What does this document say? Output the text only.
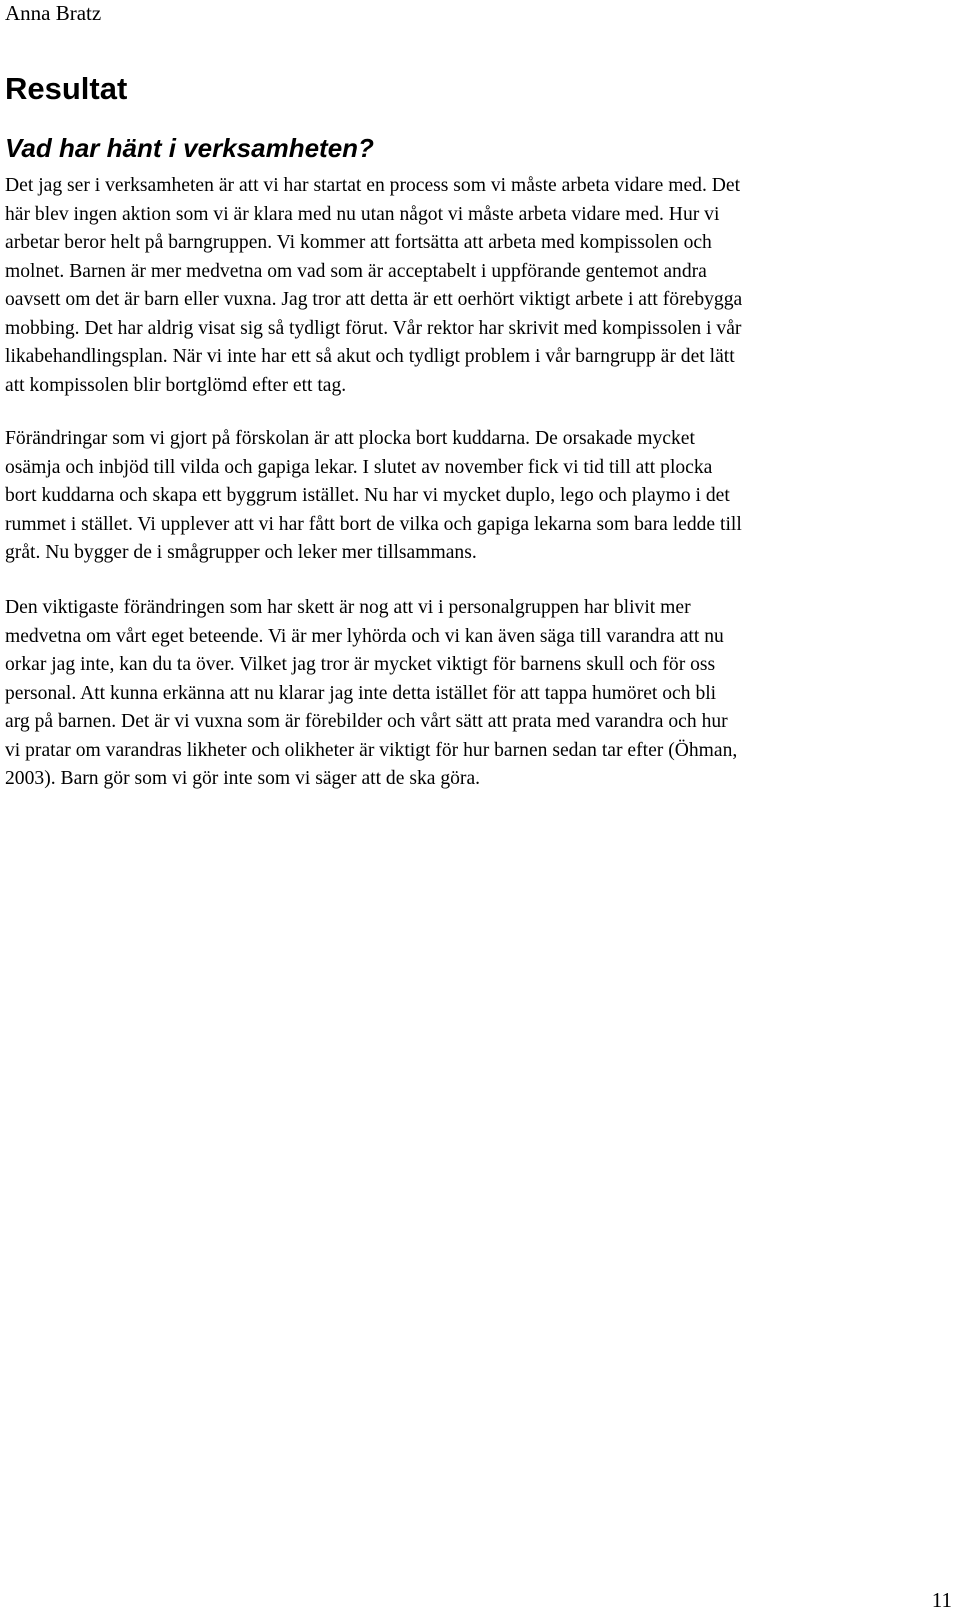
Anna Bratz
Resultat
Vad har hänt i verksamheten?

Det jag ser i verksamheten är att vi har startat en process som vi måste arbeta vidare med. Det
här blev ingen aktion som vi är klara med nu utan något vi måste arbeta vidare med. Hur vi
arbetar beror helt på barngruppen. Vi kommer att fortsätta att arbeta med kompissolen och
molnet. Barnen är mer medvetna om vad som är acceptabelt i uppförande gentemot andra
oavsett om det är barn eller vuxna. Jag tror att detta är ett oerhört viktigt arbete i att förebygga
mobbing. Det har aldrig visat sig så tydligt förut. Vår rektor har skrivit med kompissolen i vår
likabehandlingsplan. När vi inte har ett så akut och tydligt problem i vår barngrupp är det lätt
att kompissolen blir bortglömd efter ett tag.

Förändringar som vi gjort på förskolan är att plocka bort kuddarna. De orsakade mycket
osämja och inbjöd till vilda och gapiga lekar. I slutet av november fick vi tid till att plocka
bort kuddarna och skapa ett byggrum istället. Nu har vi mycket duplo, lego och playmo i det
rummet i stället. Vi upplever att vi har fått bort de vilka och gapiga lekarna som bara ledde till
gråt. Nu bygger de i smågrupper och leker mer tillsammans.

Den viktigaste förändringen som har skett är nog att vi i personalgruppen har blivit mer
medvetna om vårt eget beteende. Vi är mer lyhörda och vi kan även säga till varandra att nu
orkar jag inte, kan du ta över. Vilket jag tror är mycket viktigt för barnens skull och för oss
personal. Att kunna erkänna att nu klarar jag inte detta istället för att tappa humöret och bli
arg på barnen. Det är vi vuxna som är förebilder och vårt sätt att prata med varandra och hur
vi pratar om varandras likheter och olikheter är viktigt för hur barnen sedan tar efter (Öhman,
2003). Barn gör som vi gör inte som vi säger att de ska göra.

11
